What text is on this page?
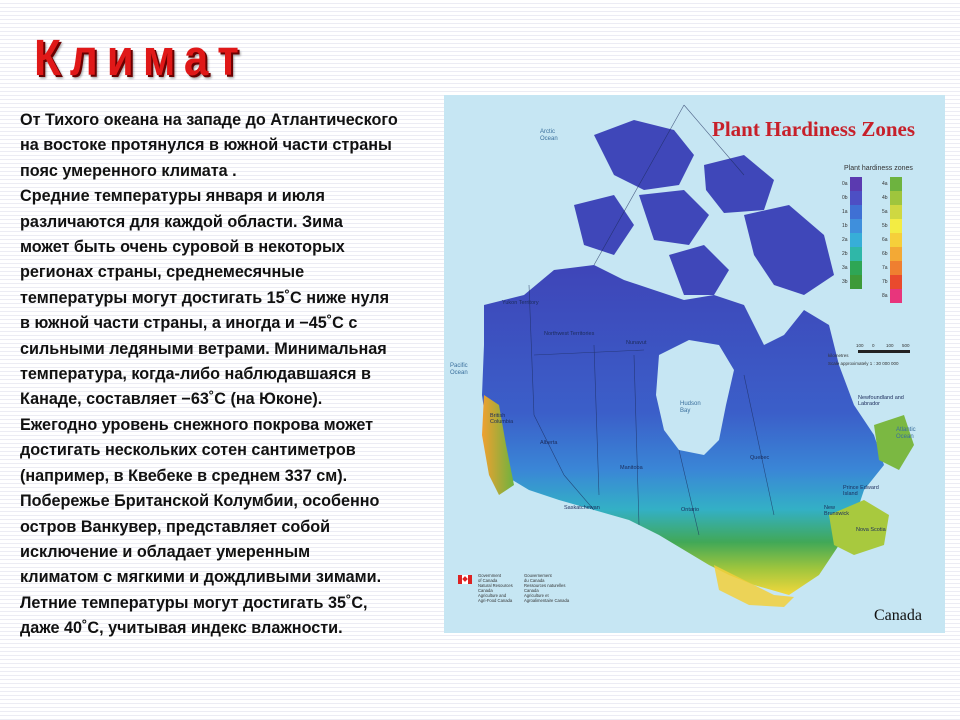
Климат
От Тихого океана на западе до Атлантического
на востоке протянулся в южной части страны
пояс умеренного климата .
Средние температуры января и июля
различаются для каждой области. Зима
может быть очень суровой в некоторых
регионах страны, среднемесячные
температуры могут достигать 15˚С ниже нуля
в южной части страны, а иногда и −45˚С с
сильными ледяными ветрами. Минимальная
температура, когда-либо наблюдавшаяся в
Канаде, составляет −63˚С (на Юконе).
Ежегодно уровень снежного покрова может
достигать нескольких сотен сантиметров
(например, в Квебеке в среднем 337 см).
Побережье Британской Колумбии, особенно
остров Ванкувер, представляет собой
исключение и обладает умеренным
климатом с мягкими и дождливыми зимами.
Летние температуры могут достигать 35˚С,
даже 40˚С, учитывая индекс влажности.
Plant Hardiness Zones
Plant hardiness zones
0a
0b
1a
1b
2a
2b
3a
3b
4a
4b
5a
5b
6a
6b
7a
7b
8a
Arctic Ocean
Pacific Ocean
Atlantic Ocean
Hudson Bay
Yukon Territory
Northwest Territories
Nunavut
British Columbia
Alberta
Saskatchewan
Manitoba
Ontario
Quebec
Newfoundland and Labrador
Prince Edward Island
New Brunswick
Nova Scotia
kilometres
100 0	100 500
Scale approximately 1 : 30 000 000
Government
of Canada
Natural Resources
Canada
Agriculture and
Agri-Food Canada
Gouvernement
du Canada
Ressources naturelles
Canada
Agriculture et
Agroalimentaire Canada
Canada
